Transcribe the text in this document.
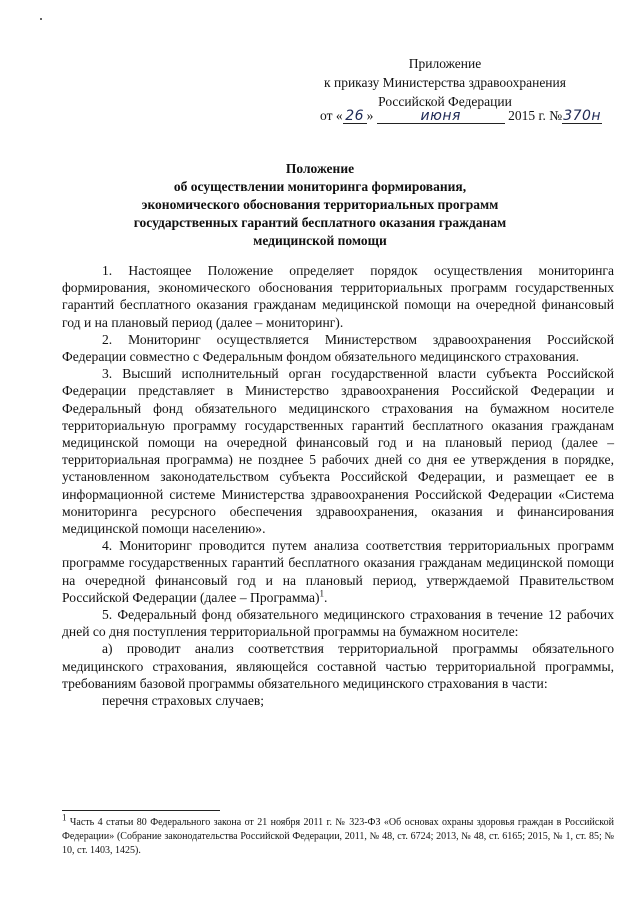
Приложение
к приказу Министерства здравоохранения
Российской Федерации
от « 26 »	июня	2015 г. №370н
Положение
об осуществлении мониторинга формирования,
экономического обоснования территориальных программ
государственных гарантий бесплатного оказания гражданам
медицинской помощи

1. Настоящее Положение определяет порядок осуществления мониторинга формирования, экономического обоснования территориальных программ государственных гарантий бесплатного оказания гражданам медицинской помощи на очередной финансовый год и на плановый период (далее – мониторинг).

2. Мониторинг осуществляется Министерством здравоохранения Российской Федерации совместно с Федеральным фондом обязательного медицинского страхования.

3. Высший исполнительный орган государственной власти субъекта Российской Федерации представляет в Министерство здравоохранения Российской Федерации и Федеральный фонд обязательного медицинского страхования на бумажном носителе территориальную программу государственных гарантий бесплатного оказания гражданам медицинской помощи на очередной финансовый год и на плановый период (далее – территориальная программа) не позднее 5 рабочих дней со дня ее утверждения в порядке, установленном законодательством субъекта Российской Федерации, и размещает ее в информационной системе Министерства здравоохранения Российской Федерации «Система мониторинга ресурсного обеспечения здравоохранения, оказания и финансирования медицинской помощи населению».

4. Мониторинг проводится путем анализа соответствия территориальных программ программе государственных гарантий бесплатного оказания гражданам медицинской помощи на очередной финансовый год и на плановый период, утверждаемой Правительством Российской Федерации (далее – Программа)$^1$.

5. Федеральный фонд обязательного медицинского страхования в течение 12 рабочих дней со дня поступления территориальной программы на бумажном носителе:

а) проводит анализ соответствия территориальной программы обязательного медицинского страхования, являющейся составной частью территориальной программы, требованиям базовой программы обязательного медицинского страхования в части:

перечня страховых случаев;

$^1$ Часть 4 статьи 80 Федерального закона от 21 ноября 2011 г. № 323-ФЗ «Об основах охраны здоровья граждан в Российской Федерации» (Собрание законодательства Российской Федерации, 2011, № 48, ст. 6724; 2013, № 48, ст. 6165; 2015, № 1, ст. 85; № 10, ст. 1403, 1425).
